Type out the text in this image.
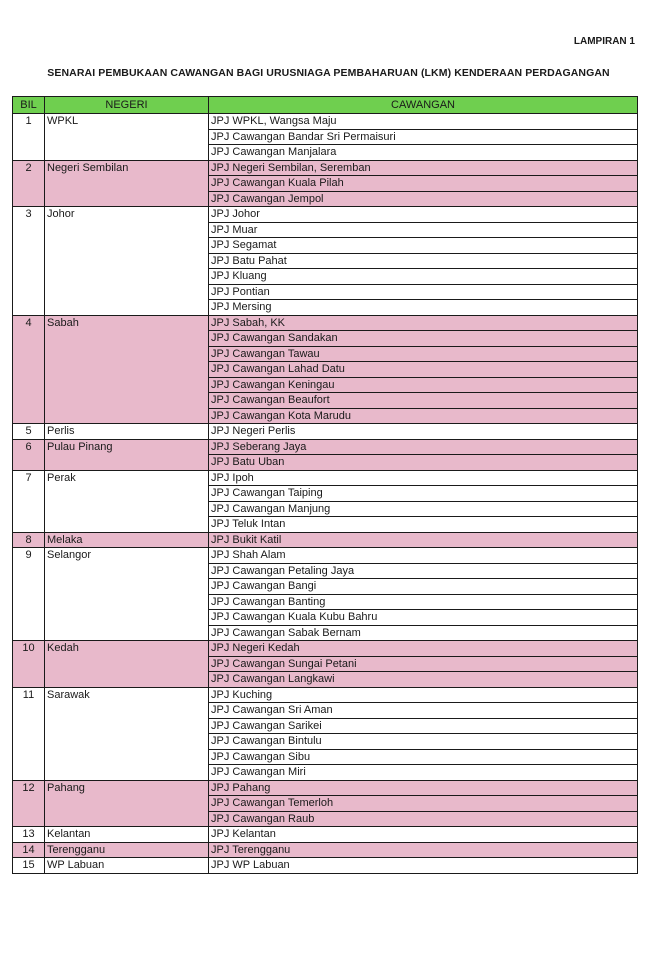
LAMPIRAN 1
SENARAI PEMBUKAAN CAWANGAN BAGI URUSNIAGA PEMBAHARUAN (LKM) KENDERAAN PERDAGANGAN
BIL	NEGERI	CAWANGAN
1	WPKL	JPJ WPKL, Wangsa Maju
		JPJ Cawangan Bandar Sri Permaisuri
		JPJ Cawangan Manjalara
2	Negeri Sembilan	JPJ Negeri Sembilan, Seremban
		JPJ Cawangan Kuala Pilah
		JPJ Cawangan Jempol
3	Johor	JPJ Johor
		JPJ Muar
		JPJ Segamat
		JPJ Batu Pahat
		JPJ Kluang
		JPJ Pontian
		JPJ Mersing
4	Sabah	JPJ Sabah, KK
		JPJ Cawangan Sandakan
		JPJ Cawangan Tawau
		JPJ Cawangan Lahad Datu
		JPJ Cawangan Keningau
		JPJ Cawangan Beaufort
		JPJ Cawangan Kota Marudu
5	Perlis	JPJ Negeri Perlis
6	Pulau Pinang	JPJ Seberang Jaya
		JPJ Batu Uban
7	Perak	JPJ Ipoh
		JPJ Cawangan Taiping
		JPJ Cawangan Manjung
		JPJ Teluk Intan
8	Melaka	JPJ Bukit Katil
9	Selangor	JPJ Shah Alam
		JPJ Cawangan Petaling Jaya
		JPJ Cawangan Bangi
		JPJ Cawangan Banting
		JPJ Cawangan Kuala Kubu Bahru
		JPJ Cawangan Sabak Bernam
10	Kedah	JPJ Negeri Kedah
		JPJ Cawangan Sungai Petani
		JPJ Cawangan Langkawi
11	Sarawak	JPJ Kuching
		JPJ Cawangan Sri Aman
		JPJ Cawangan Sarikei
		JPJ Cawangan Bintulu
		JPJ Cawangan Sibu
		JPJ Cawangan Miri
12	Pahang	JPJ Pahang
		JPJ Cawangan Temerloh
		JPJ Cawangan Raub
13	Kelantan	JPJ Kelantan
14	Terengganu	JPJ Terengganu
15	WP Labuan	JPJ WP Labuan
